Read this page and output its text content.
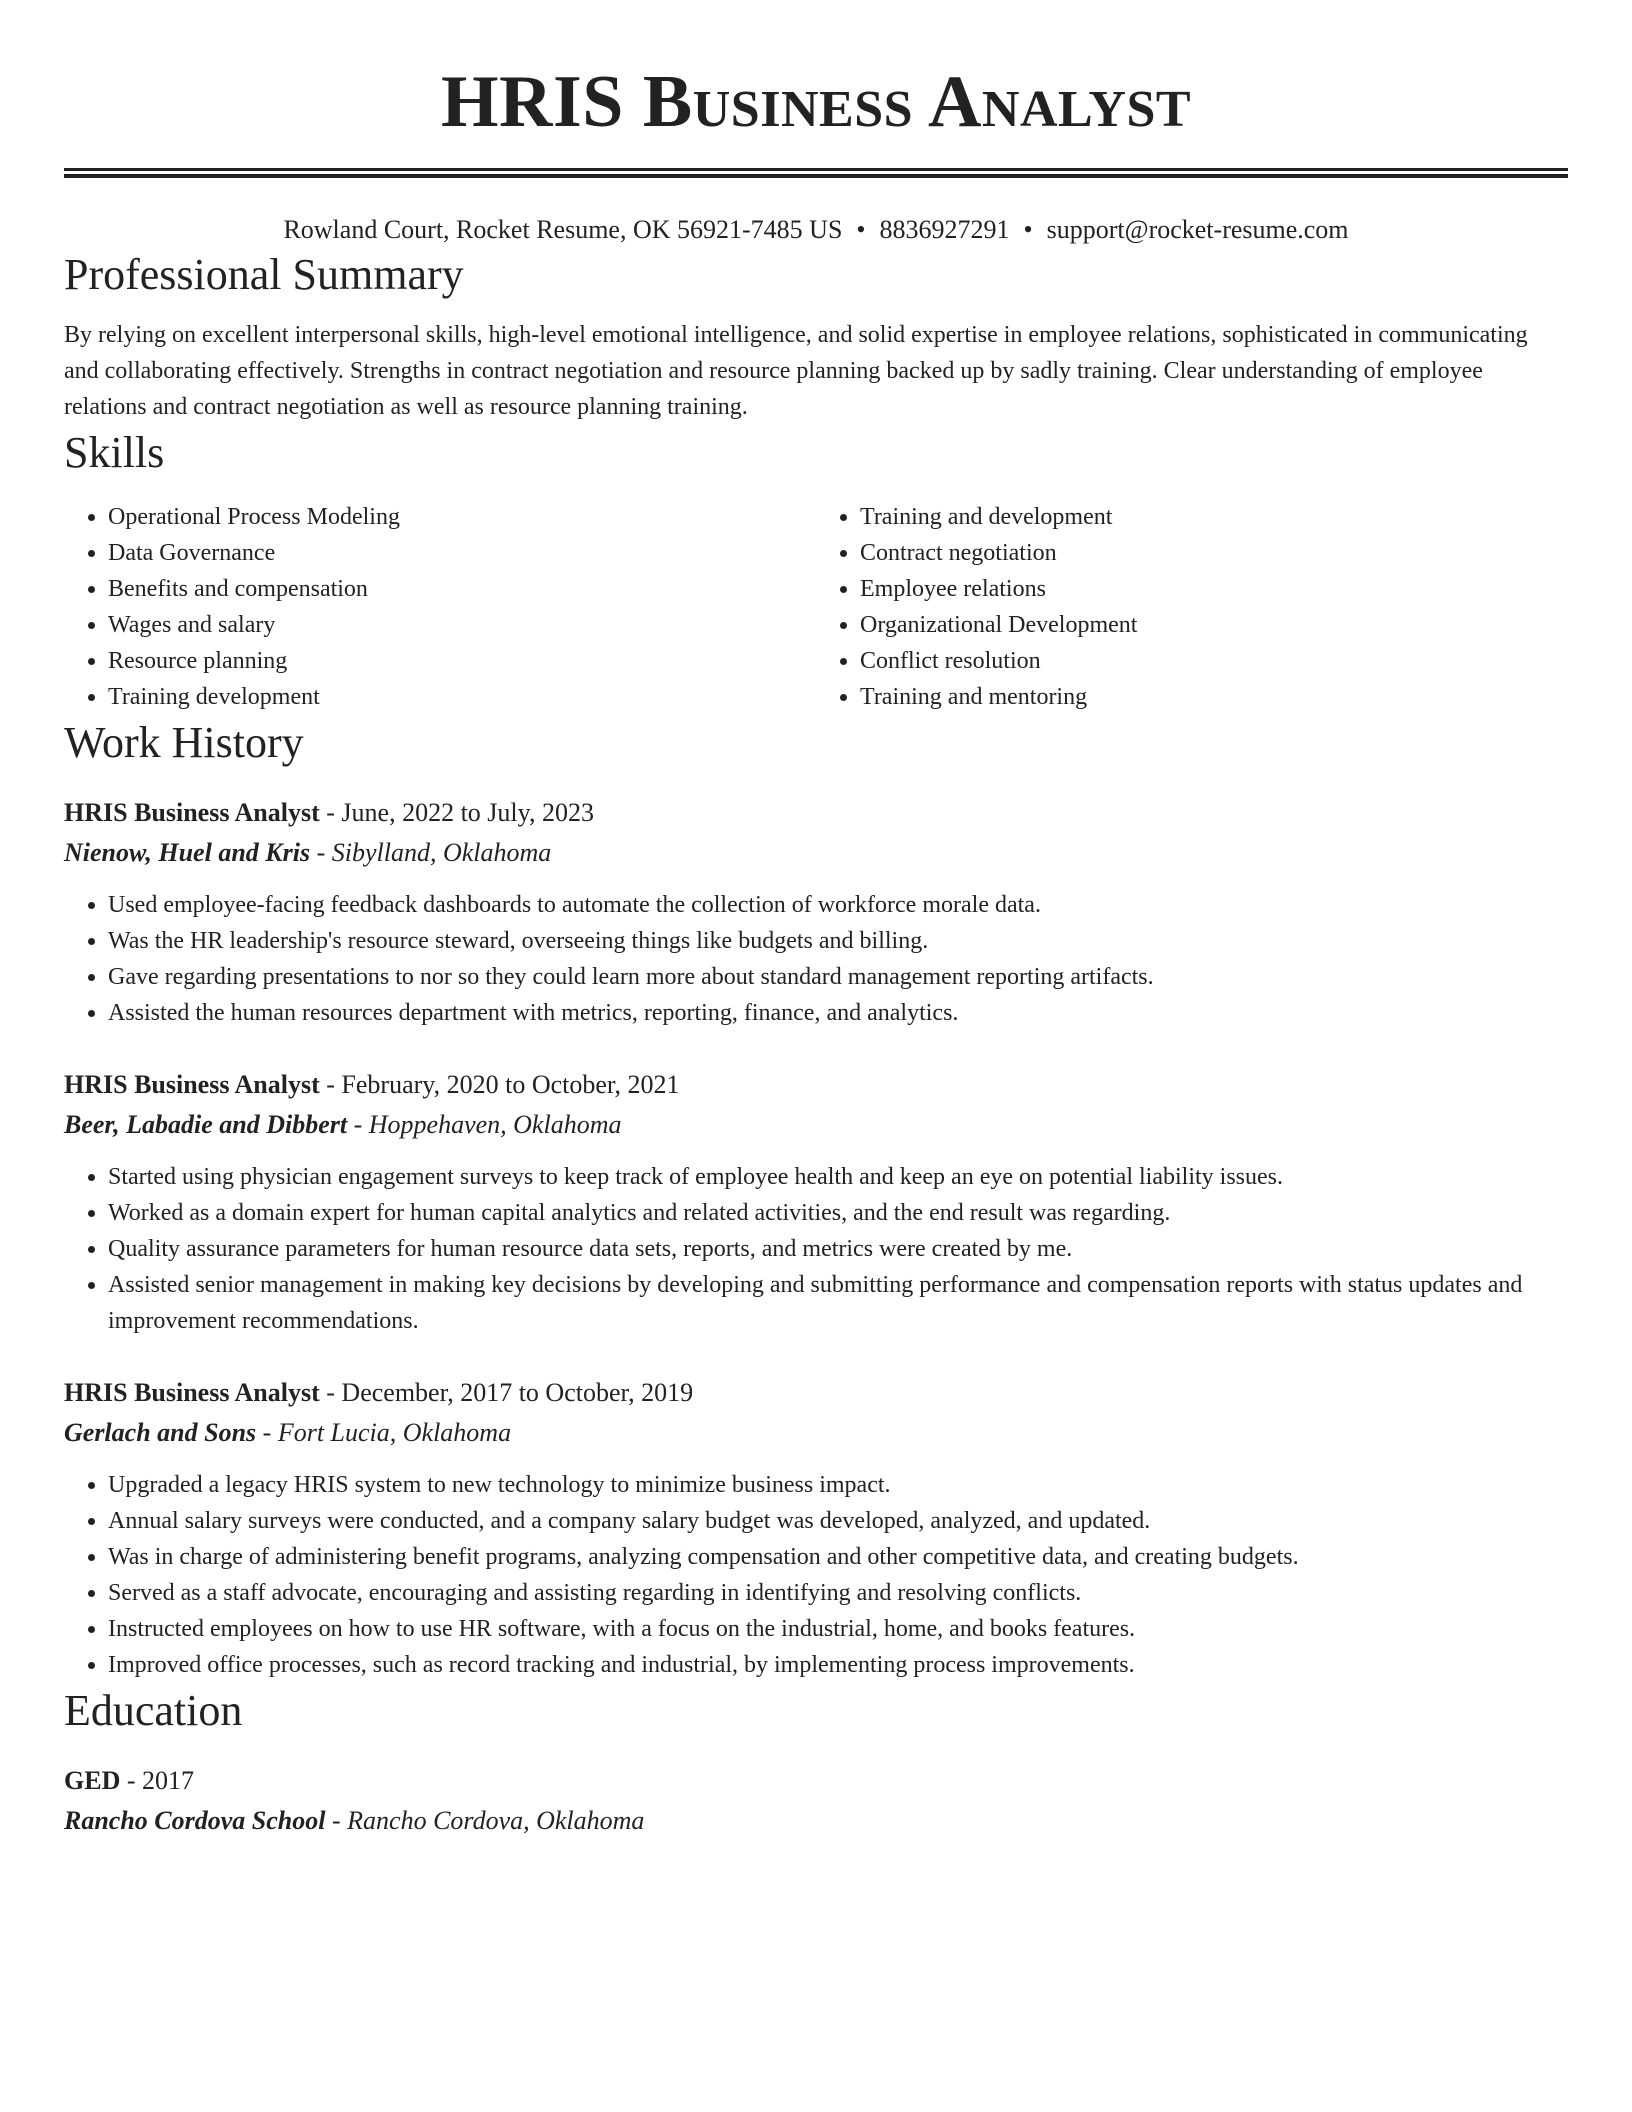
HRIS Business Analyst
Rowland Court, Rocket Resume, OK 56921-7485 US • 8836927291 • support@rocket-resume.com
Professional Summary

By relying on excellent interpersonal skills, high-level emotional intelligence, and solid expertise in employee relations, sophisticated in communicating and collaborating effectively. Strengths in contract negotiation and resource planning backed up by sadly training. Clear understanding of employee relations and contract negotiation as well as resource planning training.

Skills
• Operational Process Modeling
• Data Governance
• Benefits and compensation
• Wages and salary
• Resource planning
• Training development
• Training and development
• Contract negotiation
• Employee relations
• Organizational Development
• Conflict resolution
• Training and mentoring
Work History
HRIS Business Analyst - June, 2022 to July, 2023
Nienow, Huel and Kris - Sibylland, Oklahoma
• Used employee-facing feedback dashboards to automate the collection of workforce morale data.
• Was the HR leadership's resource steward, overseeing things like budgets and billing.
• Gave regarding presentations to nor so they could learn more about standard management reporting artifacts.
• Assisted the human resources department with metrics, reporting, finance, and analytics.
HRIS Business Analyst - February, 2020 to October, 2021
Beer, Labadie and Dibbert - Hoppehaven, Oklahoma
• Started using physician engagement surveys to keep track of employee health and keep an eye on potential liability issues.
• Worked as a domain expert for human capital analytics and related activities, and the end result was regarding.
• Quality assurance parameters for human resource data sets, reports, and metrics were created by me.
• Assisted senior management in making key decisions by developing and submitting performance and compensation reports with status updates and improvement recommendations.
HRIS Business Analyst - December, 2017 to October, 2019
Gerlach and Sons - Fort Lucia, Oklahoma
• Upgraded a legacy HRIS system to new technology to minimize business impact.
• Annual salary surveys were conducted, and a company salary budget was developed, analyzed, and updated.
• Was in charge of administering benefit programs, analyzing compensation and other competitive data, and creating budgets.
• Served as a staff advocate, encouraging and assisting regarding in identifying and resolving conflicts.
• Instructed employees on how to use HR software, with a focus on the industrial, home, and books features.
• Improved office processes, such as record tracking and industrial, by implementing process improvements.
Education
GED - 2017
Rancho Cordova School - Rancho Cordova, Oklahoma
